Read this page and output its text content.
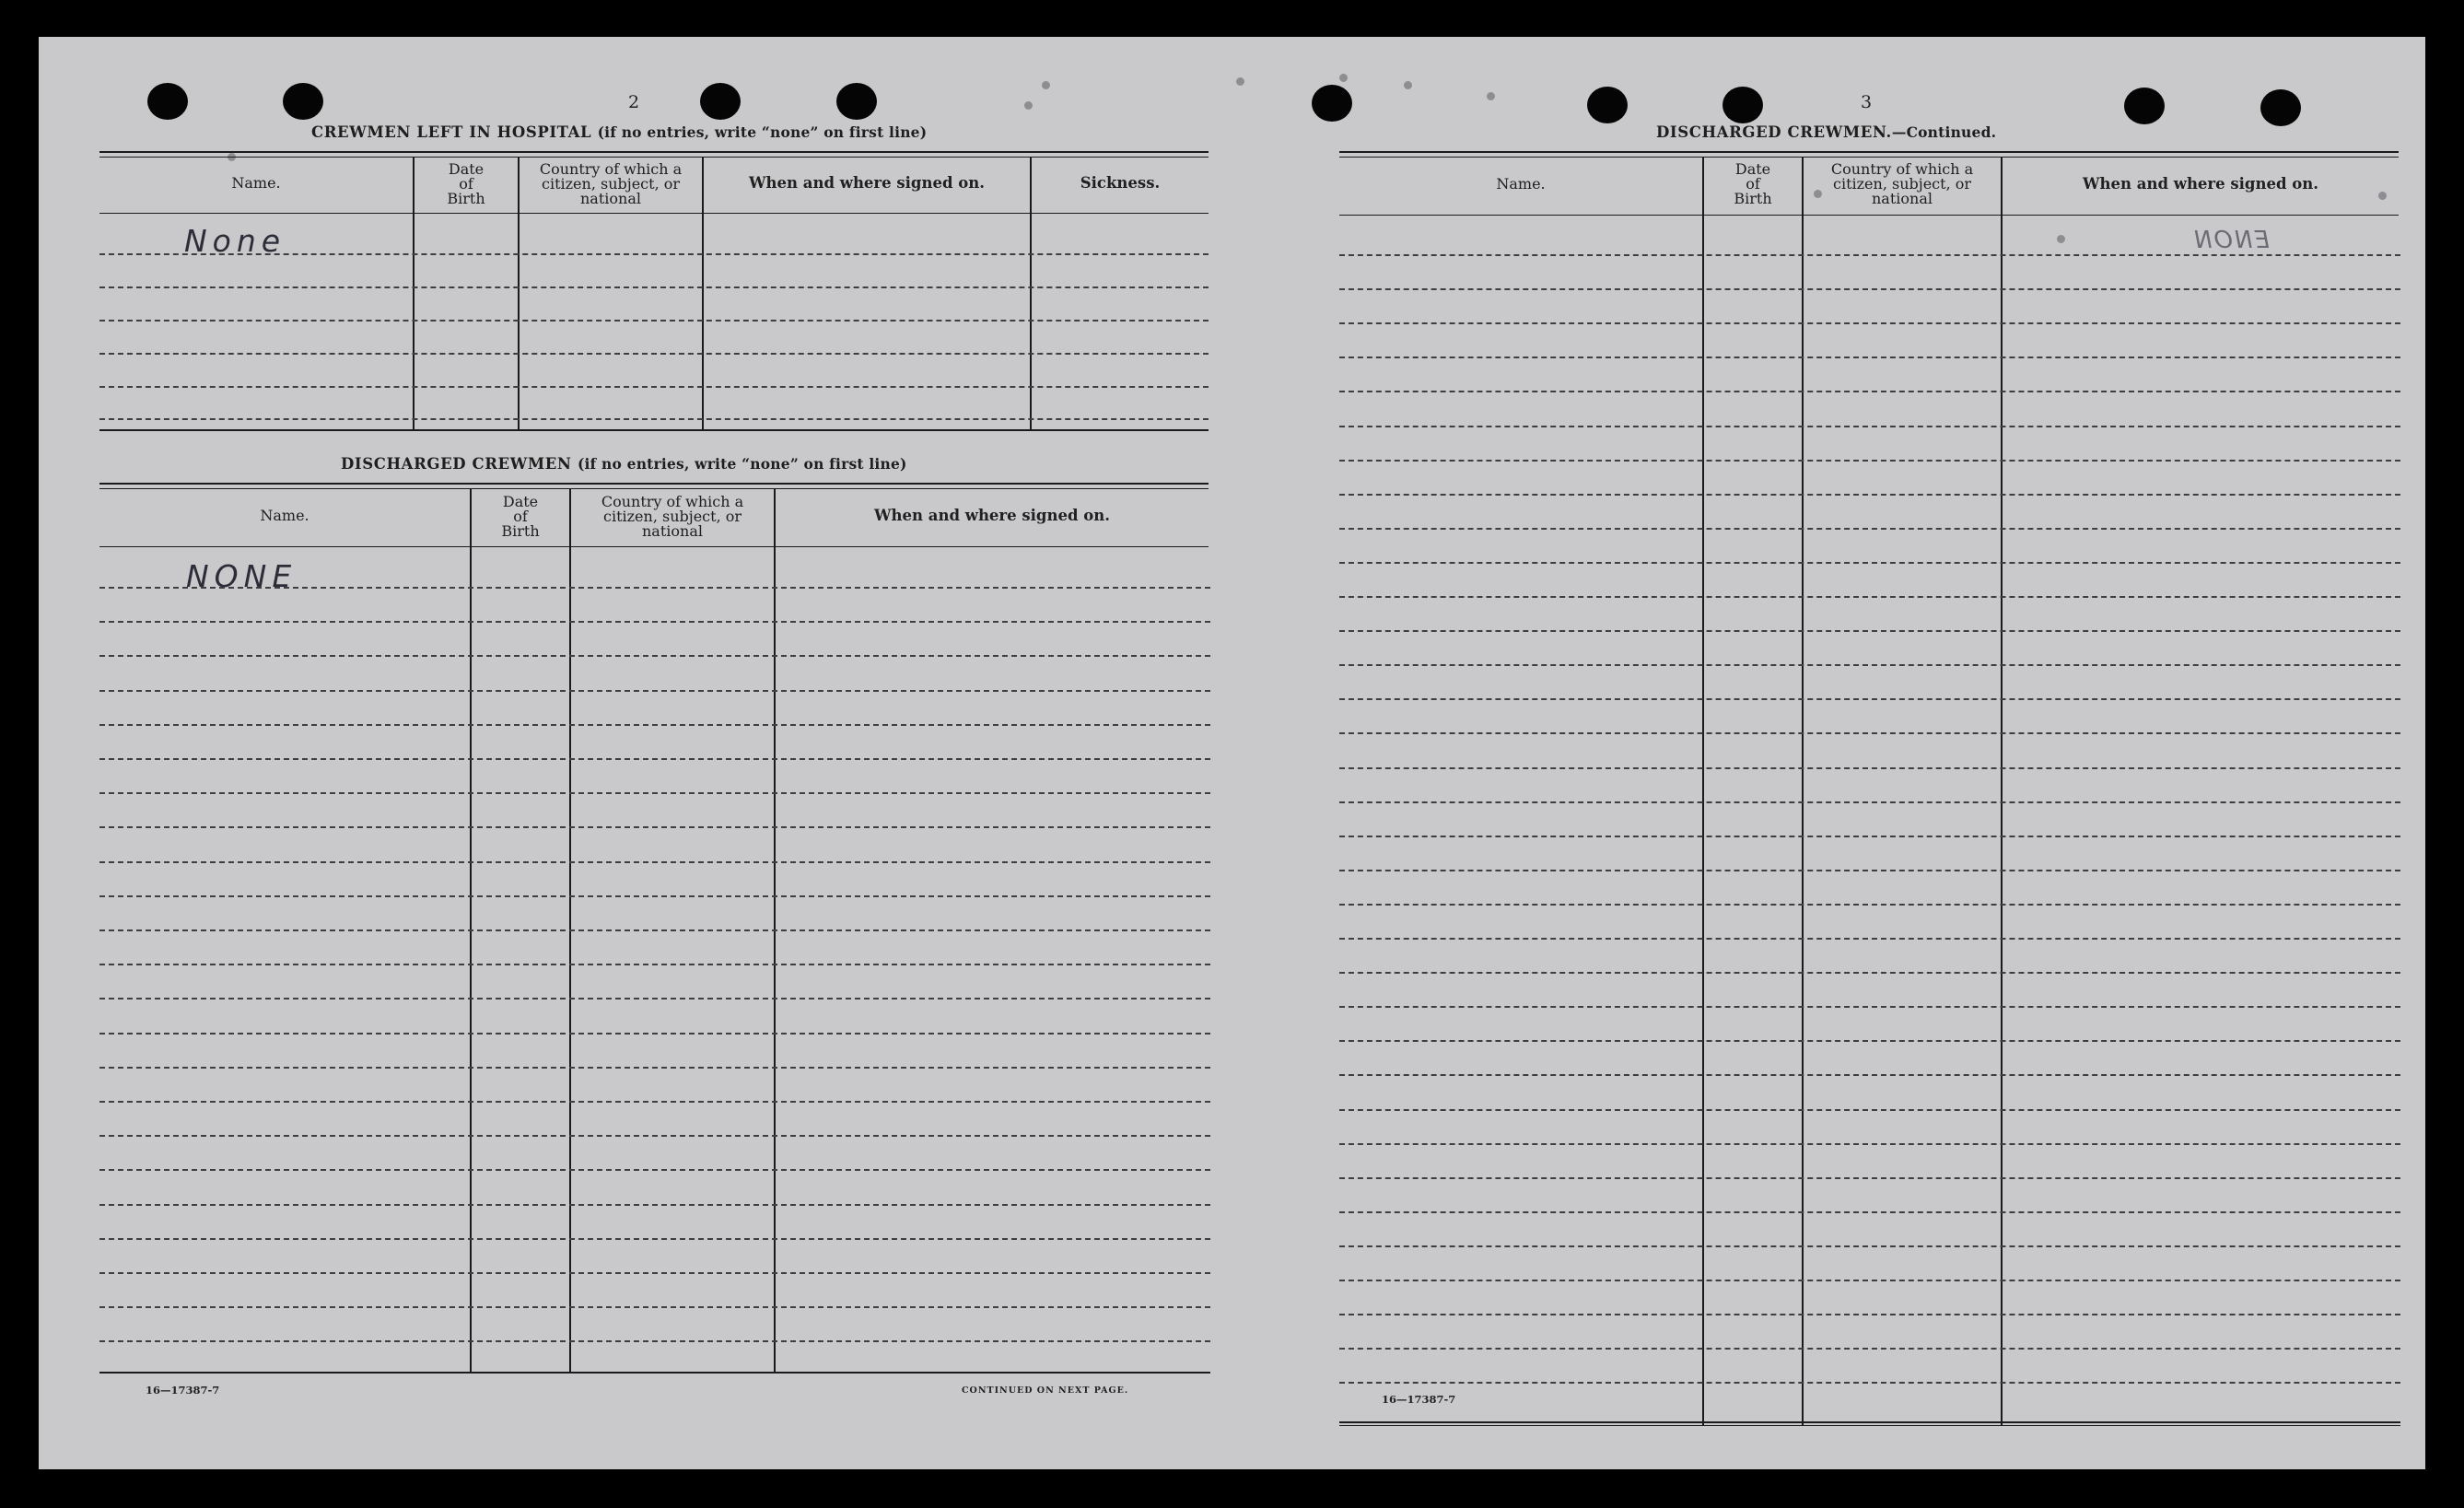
2
CREWMEN LEFT IN HOSPITAL (if no entries, write “none” on first line)
Name.
Date
of
Birth
Country of which a
citizen, subject, or
national
When and where signed on.	Sickness.
None
DISCHARGED CREWMEN (if no entries, write “none” on first line)
Name.
Date
of
Birth
Country of which a
citizen, subject, or
national
When and where signed on.
NONE
16—17387-7	CONTINUED ON NEXT PAGE.
3
DISCHARGED CREWMEN.—Continued.
Name.
Date
of
Birth
Country of which a
citizen, subject, or
national
When and where signed on.
ENON
16—17387-7
